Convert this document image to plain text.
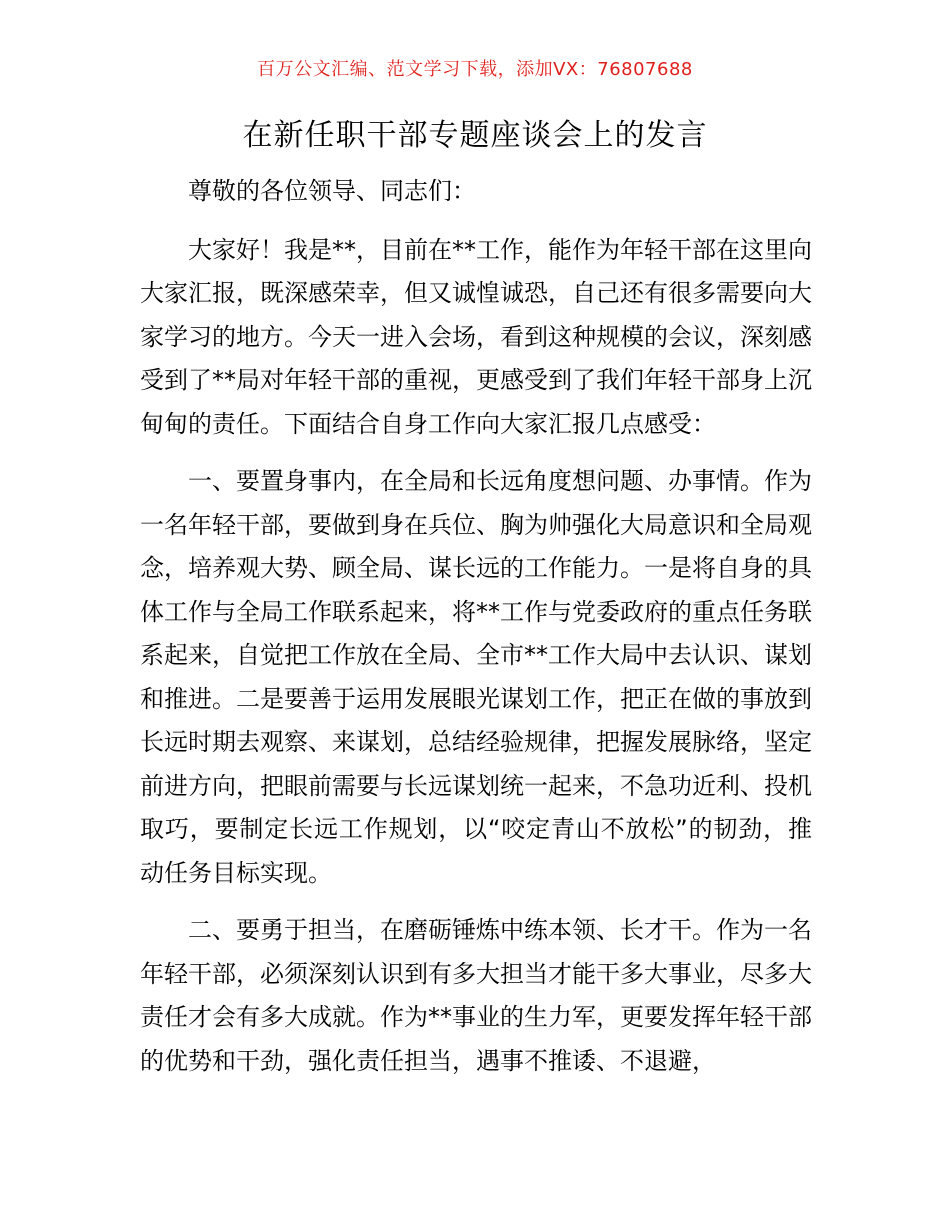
百万公文汇编、范文学习下载，添加VX：76807688
在新任职干部专题座谈会上的发言

尊敬的各位领导、同志们：

大家好！我是**，目前在**工作，能作为年轻干部在这里向大家汇报，既深感荣幸，但又诚惶诚恐，自己还有很多需要向大家学习的地方。今天一进入会场，看到这种规模的会议，深刻感受到了**局对年轻干部的重视，更感受到了我们年轻干部身上沉甸甸的责任。下面结合自身工作向大家汇报几点感受：

一、要置身事内，在全局和长远角度想问题、办事情。作为一名年轻干部，要做到身在兵位、胸为帅强化大局意识和全局观念，培养观大势、顾全局、谋长远的工作能力。一是将自身的具体工作与全局工作联系起来，将**工作与党委政府的重点任务联系起来，自觉把工作放在全局、全市**工作大局中去认识、谋划和推进。二是要善于运用发展眼光谋划工作，把正在做的事放到长远时期去观察、来谋划，总结经验规律，把握发展脉络，坚定前进方向，把眼前需要与长远谋划统一起来，不急功近利、投机取巧，要制定长远工作规划，以“咬定青山不放松”的韧劲，推动任务目标实现。

二、要勇于担当，在磨砺锤炼中练本领、长才干。作为一名年轻干部，必须深刻认识到有多大担当才能干多大事业，尽多大责任才会有多大成就。作为**事业的生力军，更要发挥年轻干部的优势和干劲，强化责任担当，遇事不推诿、不退避，
